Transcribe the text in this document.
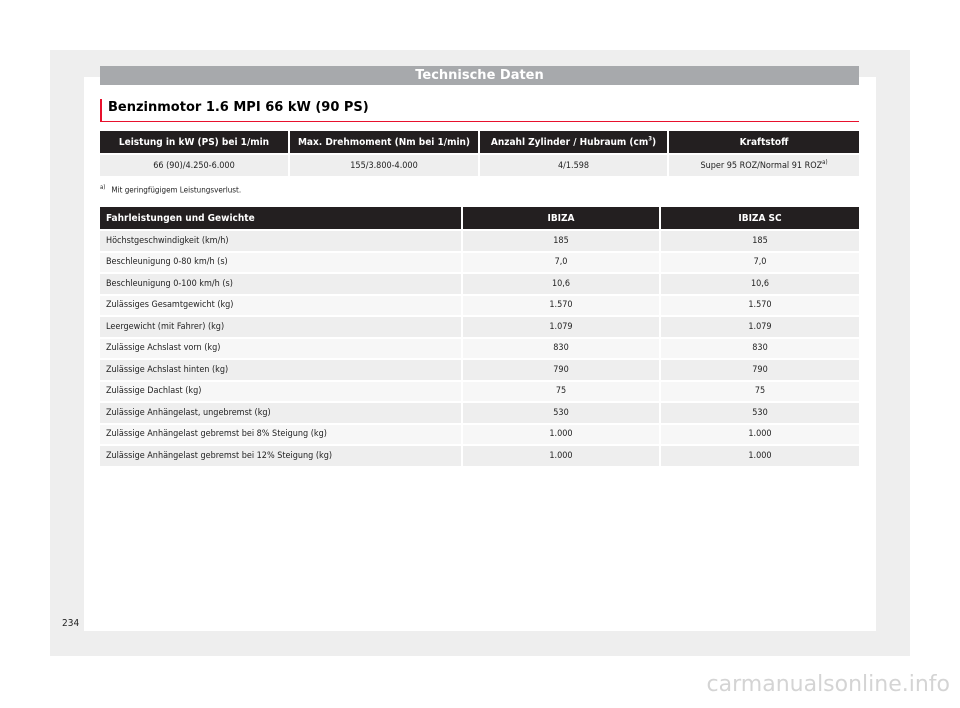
Technische Daten
Benzinmotor 1.6 MPI 66 kW (90 PS)
Leistung in kW (PS) bei 1/min	Max. Drehmoment (Nm bei 1/min)	Anzahl Zylinder / Hubraum $(cm^3)$	Kraftstoff
66 (90)/4.250-6.000	155/3.800-4.000	4/1.598	Super 95 ROZ/Normal 91 ROZ$^{a)}$
$^{a)}$ Mit geringfügigem Leistungsverlust.
Fahrleistungen und Gewichte	IBIZA	IBIZA SC
Höchstgeschwindigkeit (km/h)	185	185
Beschleunigung 0-80 km/h (s)	7,0	7,0
Beschleunigung 0-100 km/h (s)	10,6	10,6
Zulässiges Gesamtgewicht (kg)	1.570	1.570
Leergewicht (mit Fahrer) (kg)	1.079	1.079
Zulässige Achslast vorn (kg)	830	830
Zulässige Achslast hinten (kg)	790	790
Zulässige Dachlast (kg)	75	75
Zulässige Anhängelast, ungebremst (kg)	530	530
Zulässige Anhängelast gebremst bei 8% Steigung (kg)	1.000	1.000
Zulässige Anhängelast gebremst bei 12% Steigung (kg)	1.000	1.000
234
carmanualsonline.info
